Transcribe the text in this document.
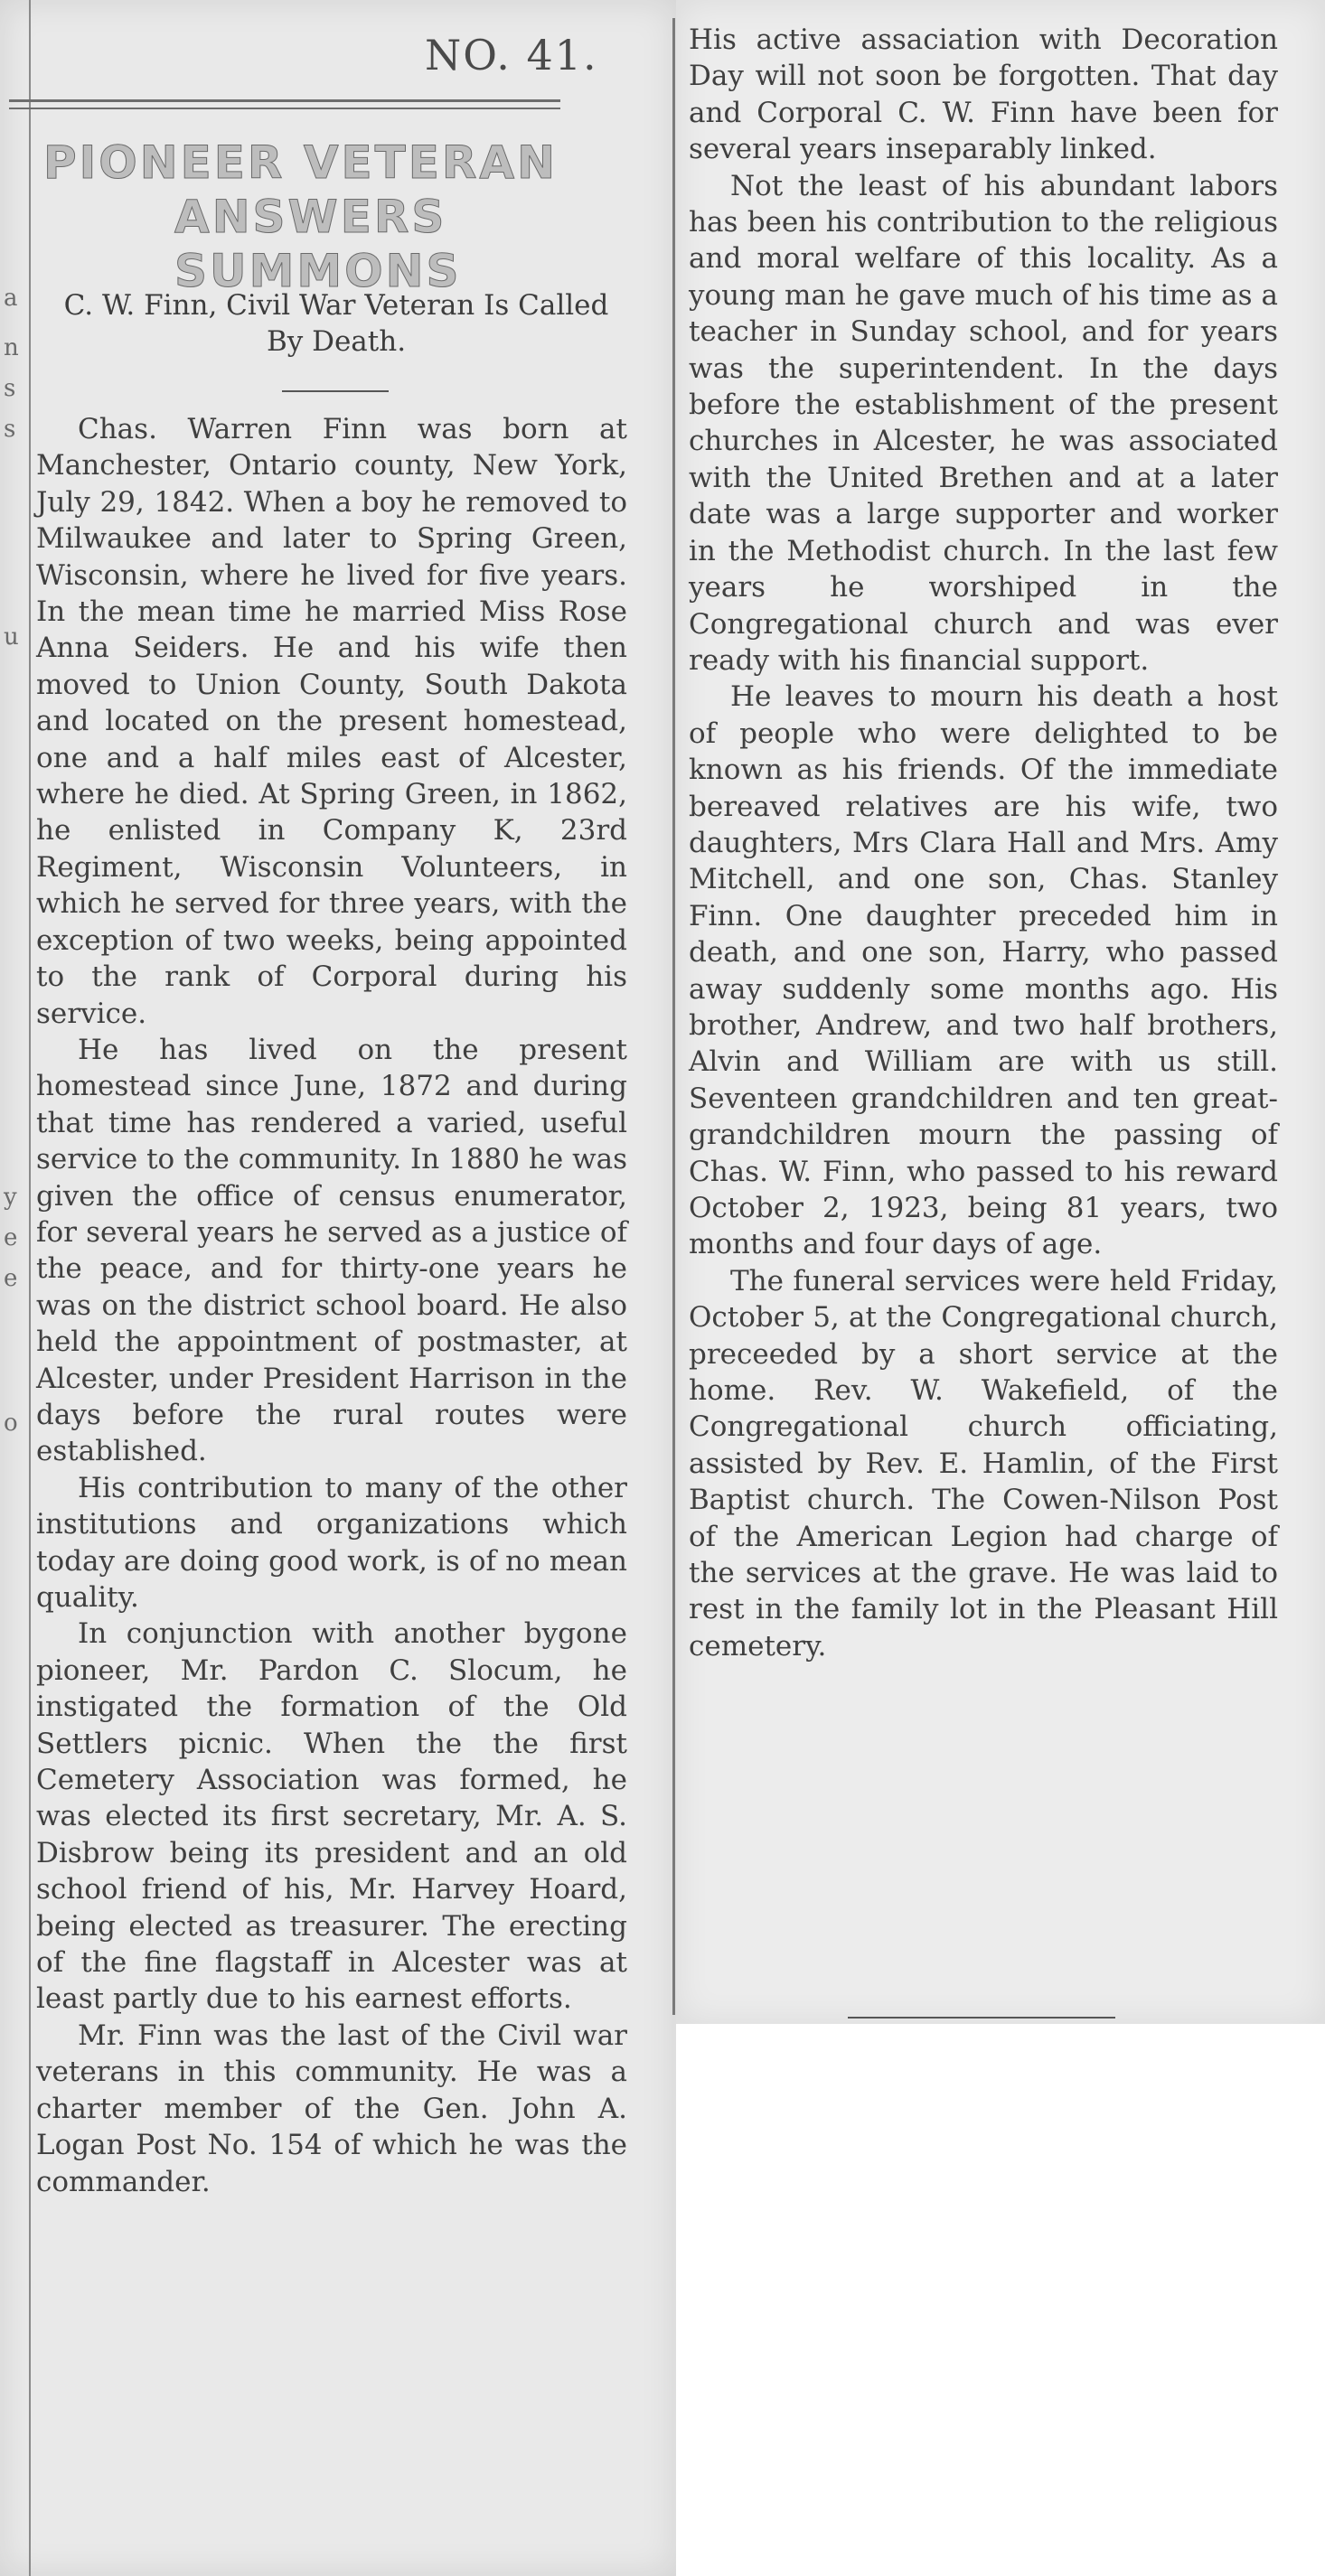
a
n
s
s
u
y
e
e
o
NO. 41.
PIONEER VETERAN
ANSWERS SUMMONS
C. W. Finn, Civil War Veteran Is Called By Death.

Chas. Warren Finn was born at Manchester, Ontario county, New York, July 29, 1842. When a boy he removed to Milwaukee and later to Spring Green, Wisconsin, where he lived for five years. In the mean time he married Miss Rose Anna Seiders. He and his wife then moved to Union County, South Dakota and located on the present homestead, one and a half miles east of Alcester, where he died. At Spring Green, in 1862, he enlisted in Company K, 23rd Regiment, Wisconsin Volunteers, in which he served for three years, with the exception of two weeks, being appointed to the rank of Corporal during his service.

He has lived on the present homestead since June, 1872 and during that time has rendered a varied, useful service to the community. In 1880 he was given the office of census enumerator, for several years he served as a justice of the peace, and for thirty-one years he was on the district school board. He also held the appointment of postmaster, at Alcester, under President Harrison in the days before the rural routes were established.

His contribution to many of the other institutions and organizations which today are doing good work, is of no mean quality.

In conjunction with another bygone pioneer, Mr. Pardon C. Slocum, he instigated the formation of the Old Settlers picnic. When the the first Cemetery Association was formed, he was elected its first secretary, Mr. A. S. Disbrow being its president and an old school friend of his, Mr. Harvey Hoard, being elected as treasurer. The erecting of the fine flagstaff in Alcester was at least partly due to his earnest efforts.

Mr. Finn was the last of the Civil war veterans in this community. He was a charter member of the Gen. John A. Logan Post No. 154 of which he was the commander.

His active assaciation with Decoration Day will not soon be forgotten. That day and Corporal C. W. Finn have been for several years inseparably linked.

Not the least of his abundant labors has been his contribution to the religious and moral welfare of this locality. As a young man he gave much of his time as a teacher in Sunday school, and for years was the superintendent. In the days before the establishment of the present churches in Alcester, he was associated with the United Brethen and at a later date was a large supporter and worker in the Methodist church. In the last few years he worshiped in the Congregational church and was ever ready with his financial support.

He leaves to mourn his death a host of people who were delighted to be known as his friends. Of the immediate bereaved relatives are his wife, two daughters, Mrs Clara Hall and Mrs. Amy Mitchell, and one son, Chas. Stanley Finn. One daughter preceded him in death, and one son, Harry, who passed away suddenly some months ago. His brother, Andrew, and two half brothers, Alvin and William are with us still. Seventeen grandchildren and ten great-grandchildren mourn the passing of Chas. W. Finn, who passed to his reward October 2, 1923, being 81 years, two months and four days of age.

The funeral services were held Friday, October 5, at the Congregational church, preceeded by a short service at the home. Rev. W. Wakefield, of the Congregational church officiating, assisted by Rev. E. Hamlin, of the First Baptist church. The Cowen-Nilson Post of the American Legion had charge of the services at the grave. He was laid to rest in the family lot in the Pleasant Hill cemetery.
